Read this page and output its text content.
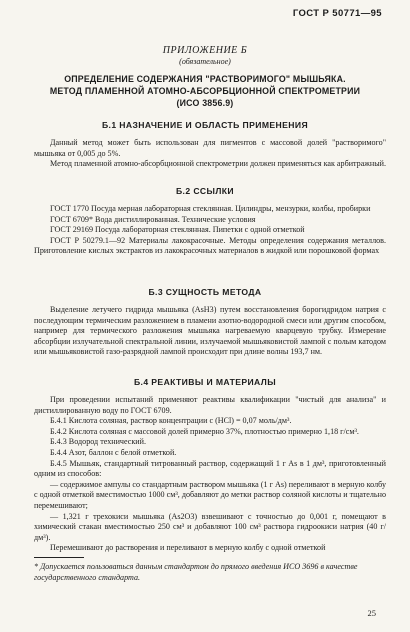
ГОСТ Р 50771—95
ПРИЛОЖЕНИЕ Б
(обязательное)
ОПРЕДЕЛЕНИЕ СОДЕРЖАНИЯ "РАСТВОРИМОГО" МЫШЬЯКА.
МЕТОД ПЛАМЕННОЙ АТОМНО-АБСОРБЦИОННОЙ СПЕКТРОМЕТРИИ
(ИСО 3856.9)
Б.1 НАЗНАЧЕНИЕ И ОБЛАСТЬ ПРИМЕНЕНИЯ

Данный метод может быть использован для пигментов с массовой долей "растворимого" мышьяка от 0,005 до 5%.

Метод пламенной атомно-абсорбционной спектрометрии должен применяться как арбитражный.

Б.2 ССЫЛКИ

ГОСТ 1770 Посуда мерная лабораторная стеклянная. Цилиндры, мензурки, колбы, пробирки

ГОСТ 6709* Вода дистиллированная. Технические условия

ГОСТ 29169 Посуда лабораторная стеклянная. Пипетки с одной отметкой

ГОСТ Р 50279.1—92 Материалы лакокрасочные. Методы определения содержания металлов. Приготовление кислых экстрактов из лакокрасочных материалов в жидкой или порошковой формах

Б.3 СУЩНОСТЬ МЕТОДА

Выделение летучего гидрида мышьяка (AsH3) путем восстановления борогидридом натрия с последующим термическим разложением в пламени азотно-водородной смеси или другим способом, например для термического разложения мышьяка нагреваемую кварцевую трубку. Измерение абсорбции излучательной спектральной линии, излучаемой мышьяковистой лампой с полым катодом или мышьяковистой газо-разрядной лампой происходит при длине волны 193,7 нм.

Б.4 РЕАКТИВЫ И МАТЕРИАЛЫ

При проведении испытаний применяют реактивы квалификации "чистый для анализа" и дистиллированную воду по ГОСТ 6709.

Б.4.1 Кислота соляная, раствор концентрации с (HCl) = 0,07 моль/дм³.

Б.4.2 Кислота соляная с массовой долей примерно 37%, плотностью примерно 1,18 г/см³.

Б.4.3 Водород технический.

Б.4.4 Азот, баллон с белой отметкой.

Б.4.5 Мышьяк, стандартный титрованный раствор, содержащий 1 г As в 1 дм³, приготовленный одним из способов:

— содержимое ампулы со стандартным раствором мышьяка (1 г As) переливают в мерную колбу с одной отметкой вместимостью 1000 см³, добавляют до метки раствор соляной кислоты и тщательно перемешивают;

— 1,321 г трехокиси мышьяка (As2O3) взвешивают с точностью до 0,001 г, помещают в химический стакан вместимостью 250 см³ и добавляют 100 см³ раствора гидроокиси натрия (40 г/дм³).

Перемешивают до растворения и переливают в мерную колбу с одной отметкой

* Допускается пользоваться данным стандартом до прямого введения ИСО 3696 в качестве государственного стандарта.
25
